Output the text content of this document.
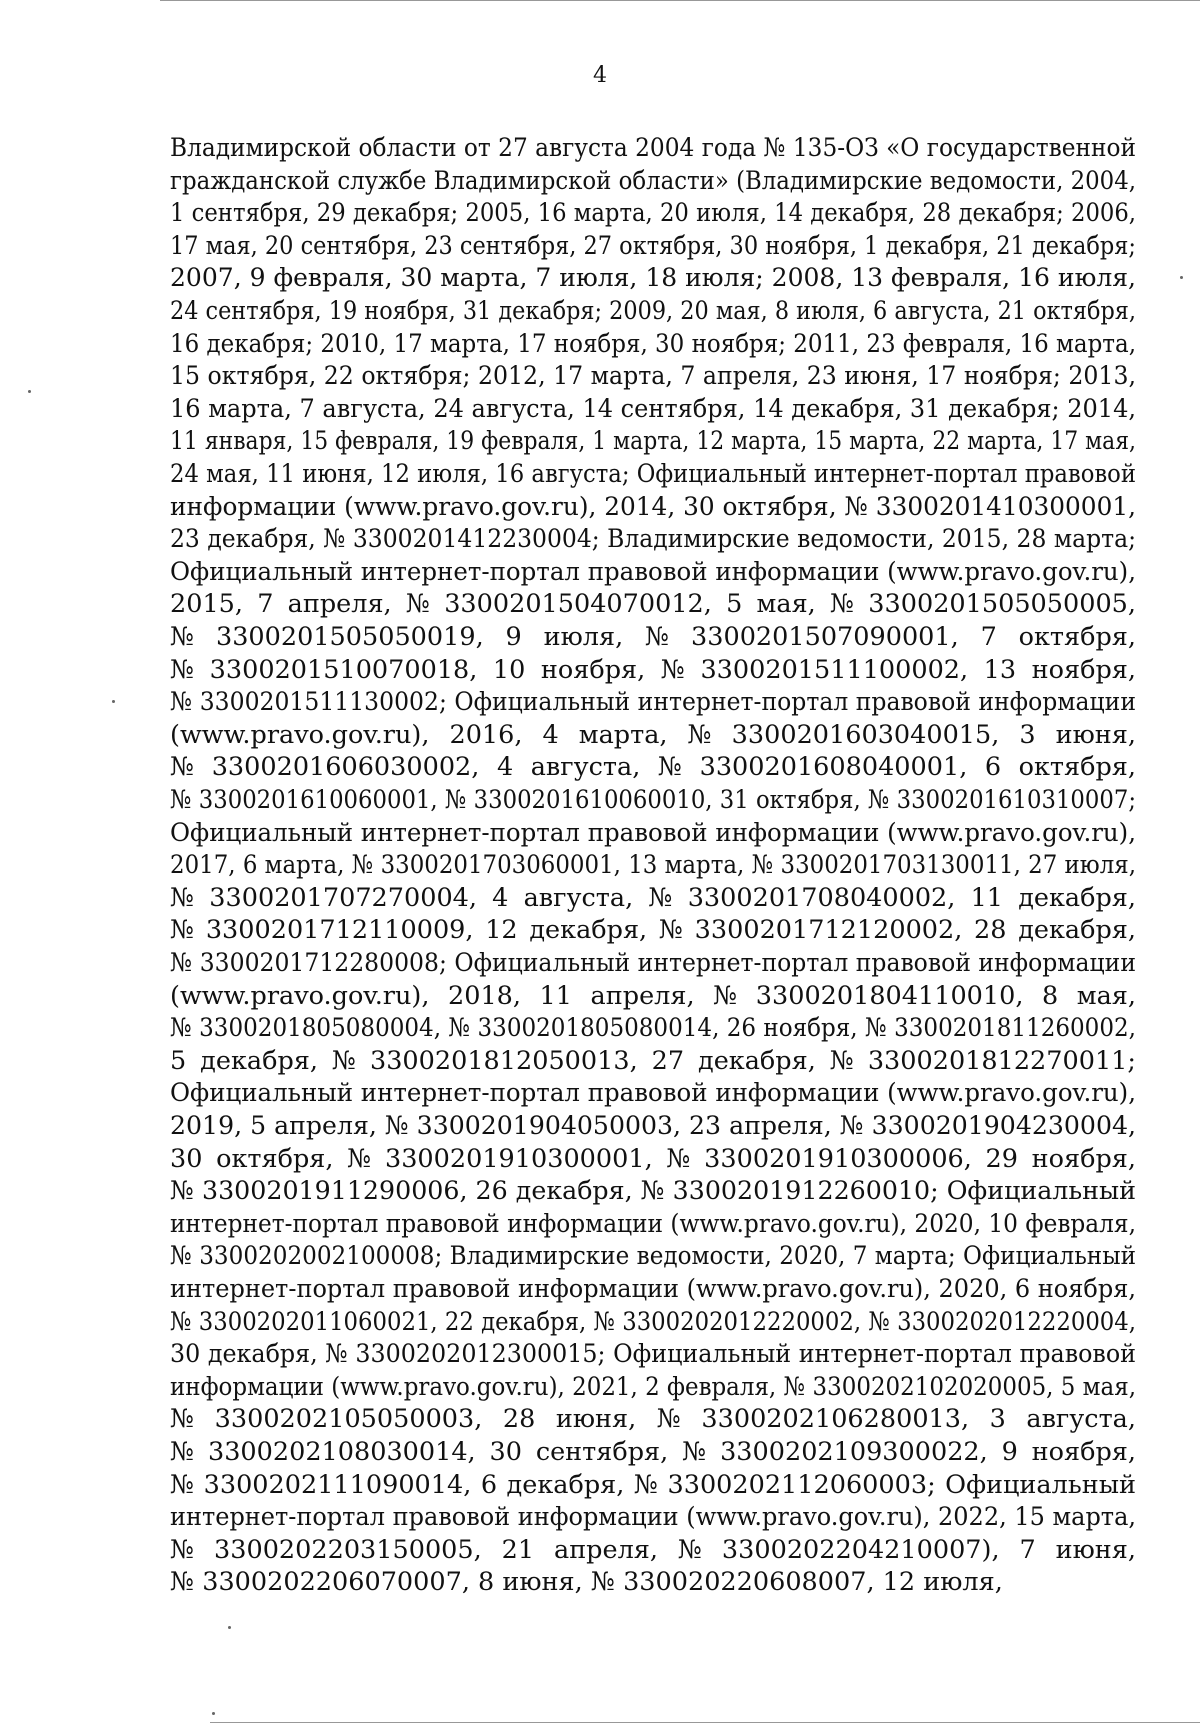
4
Владимирской области от 27 августа 2004 года № 135-ОЗ «О государственной
гражданской службе Владимирской области» (Владимирские ведомости, 2004,
1 сентября, 29 декабря; 2005, 16 марта, 20 июля, 14 декабря, 28 декабря; 2006,
17 мая, 20 сентября, 23 сентября, 27 октября, 30 ноября, 1 декабря, 21 декабря;
2007, 9 февраля, 30 марта, 7 июля, 18 июля; 2008, 13 февраля, 16 июля,
24 сентября, 19 ноября, 31 декабря; 2009, 20 мая, 8 июля, 6 августа, 21 октября,
16 декабря; 2010, 17 марта, 17 ноября, 30 ноября; 2011, 23 февраля, 16 марта,
15 октября, 22 октября; 2012, 17 марта, 7 апреля, 23 июня, 17 ноября; 2013,
16 марта, 7 августа, 24 августа, 14 сентября, 14 декабря, 31 декабря; 2014,
11 января, 15 февраля, 19 февраля, 1 марта, 12 марта, 15 марта, 22 марта, 17 мая,
24 мая, 11 июня, 12 июля, 16 августа; Официальный интернет-портал правовой
информации (www.pravo.gov.ru), 2014, 30 октября, № 3300201410300001,
23 декабря, № 3300201412230004; Владимирские ведомости, 2015, 28 марта;
Официальный интернет-портал правовой информации (www.pravo.gov.ru),
2015, 7 апреля, № 3300201504070012, 5 мая, № 3300201505050005,
№ 3300201505050019, 9 июля, № 3300201507090001, 7 октября,
№ 3300201510070018, 10 ноября, № 3300201511100002, 13 ноября,
№ 3300201511130002; Официальный интернет-портал правовой информации
(www.pravo.gov.ru), 2016, 4 марта, № 3300201603040015, 3 июня,
№ 3300201606030002, 4 августа, № 3300201608040001, 6 октября,
№ 3300201610060001, № 3300201610060010, 31 октября, № 3300201610310007;
Официальный интернет-портал правовой информации (www.pravo.gov.ru),
2017, 6 марта, № 3300201703060001, 13 марта, № 3300201703130011, 27 июля,
№ 3300201707270004, 4 августа, № 3300201708040002, 11 декабря,
№ 3300201712110009, 12 декабря, № 3300201712120002, 28 декабря,
№ 3300201712280008; Официальный интернет-портал правовой информации
(www.pravo.gov.ru), 2018, 11 апреля, № 3300201804110010, 8 мая,
№ 3300201805080004, № 3300201805080014, 26 ноября, № 3300201811260002,
5 декабря, № 3300201812050013, 27 декабря, № 3300201812270011;
Официальный интернет-портал правовой информации (www.pravo.gov.ru),
2019, 5 апреля, № 3300201904050003, 23 апреля, № 3300201904230004,
30 октября, № 3300201910300001, № 3300201910300006, 29 ноября,
№ 3300201911290006, 26 декабря, № 3300201912260010; Официальный
интернет-портал правовой информации (www.pravo.gov.ru), 2020, 10 февраля,
№ 3300202002100008; Владимирские ведомости, 2020, 7 марта; Официальный
интернет-портал правовой информации (www.pravo.gov.ru), 2020, 6 ноября,
№ 3300202011060021, 22 декабря, № 3300202012220002, № 3300202012220004,
30 декабря, № 3300202012300015; Официальный интернет-портал правовой
информации (www.pravo.gov.ru), 2021, 2 февраля, № 3300202102020005, 5 мая,
№ 3300202105050003, 28 июня, № 3300202106280013, 3 августа,
№ 3300202108030014, 30 сентября, № 3300202109300022, 9 ноября,
№ 3300202111090014, 6 декабря, № 3300202112060003; Официальный
интернет-портал правовой информации (www.pravo.gov.ru), 2022, 15 марта,
№ 3300202203150005, 21 апреля, № 3300202204210007), 7 июня,
№ 3300202206070007, 8 июня, № 330020220608007, 12 июля,
